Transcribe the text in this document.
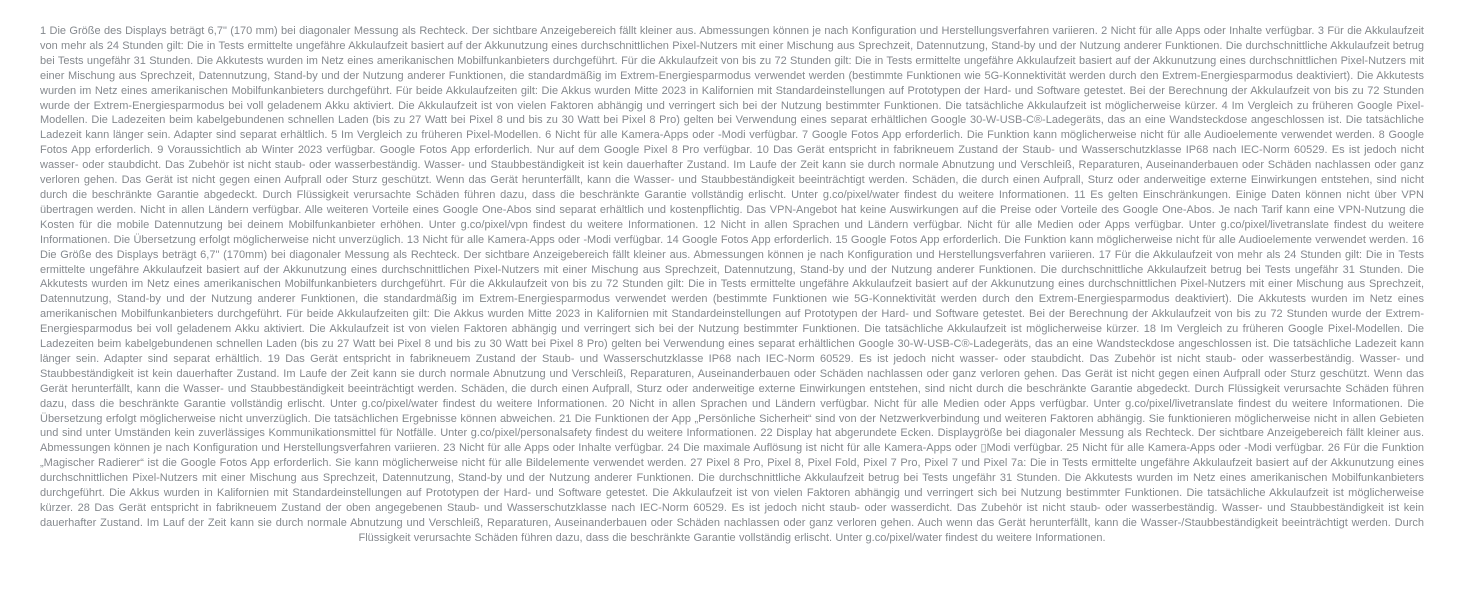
1 Die Größe des Displays beträgt 6,7" (170 mm) bei diagonaler Messung als Rechteck. Der sichtbare Anzeigebereich fällt kleiner aus. Abmessungen können je nach Konfiguration und Herstellungsverfahren variieren. 2 Nicht für alle Apps oder Inhalte verfügbar. 3 Für die Akkulaufzeit von mehr als 24 Stunden gilt: Die in Tests ermittelte ungefähre Akkulaufzeit basiert auf der Akkunutzung eines durchschnittlichen Pixel-Nutzers mit einer Mischung aus Sprechzeit, Datennutzung, Stand-by und der Nutzung anderer Funktionen. Die durchschnittliche Akkulaufzeit betrug bei Tests ungefähr 31 Stunden. Die Akkutests wurden im Netz eines amerikanischen Mobilfunkanbieters durchgeführt. Für die Akkulaufzeit von bis zu 72 Stunden gilt: Die in Tests ermittelte ungefähre Akkulaufzeit basiert auf der Akkunutzung eines durchschnittlichen Pixel-Nutzers mit einer Mischung aus Sprechzeit, Datennutzung, Stand-by und der Nutzung anderer Funktionen, die standardmäßig im Extrem-Energiesparmodus verwendet werden (bestimmte Funktionen wie 5G-Konnektivität werden durch den Extrem-Energiesparmodus deaktiviert). Die Akkutests wurden im Netz eines amerikanischen Mobilfunkanbieters durchgeführt. Für beide Akkulaufzeiten gilt: Die Akkus wurden Mitte 2023 in Kalifornien mit Standardeinstellungen auf Prototypen der Hard- und Software getestet. Bei der Berechnung der Akkulaufzeit von bis zu 72 Stunden wurde der Extrem-Energiesparmodus bei voll geladenem Akku aktiviert. Die Akkulaufzeit ist von vielen Faktoren abhängig und verringert sich bei der Nutzung bestimmter Funktionen. Die tatsächliche Akkulaufzeit ist möglicherweise kürzer. 4 Im Vergleich zu früheren Google Pixel-Modellen. Die Ladezeiten beim kabelgebundenen schnellen Laden (bis zu 27 Watt bei Pixel 8 und bis zu 30 Watt bei Pixel 8 Pro) gelten bei Verwendung eines separat erhältlichen Google 30-W-USB-C®-Ladegeräts, das an eine Wandsteckdose angeschlossen ist. Die tatsächliche Ladezeit kann länger sein. Adapter sind separat erhältlich. 5 Im Vergleich zu früheren Pixel-Modellen. 6 Nicht für alle Kamera-Apps oder -Modi verfügbar. 7 Google Fotos App erforderlich. Die Funktion kann möglicherweise nicht für alle Audioelemente verwendet werden. 8 Google Fotos App erforderlich. 9 Voraussichtlich ab Winter 2023 verfügbar. Google Fotos App erforderlich. Nur auf dem Google Pixel 8 Pro verfügbar. 10 Das Gerät entspricht in fabrikneuem Zustand der Staub- und Wasserschutzklasse IP68 nach IEC-Norm 60529. Es ist jedoch nicht wasser- oder staubdicht. Das Zubehör ist nicht staub- oder wasserbeständig. Wasser- und Staubbeständigkeit ist kein dauerhafter Zustand. Im Laufe der Zeit kann sie durch normale Abnutzung und Verschleiß, Reparaturen, Auseinanderbauen oder Schäden nachlassen oder ganz verloren gehen. Das Gerät ist nicht gegen einen Aufprall oder Sturz geschützt. Wenn das Gerät herunterfällt, kann die Wasser- und Staubbeständigkeit beeinträchtigt werden. Schäden, die durch einen Aufprall, Sturz oder anderweitige externe Einwirkungen entstehen, sind nicht durch die beschränkte Garantie abgedeckt. Durch Flüssigkeit verursachte Schäden führen dazu, dass die beschränkte Garantie vollständig erlischt. Unter g.co/pixel/water findest du weitere Informationen. 11 Es gelten Einschränkungen. Einige Daten können nicht über VPN übertragen werden. Nicht in allen Ländern verfügbar. Alle weiteren Vorteile eines Google One-Abos sind separat erhältlich und kostenpflichtig. Das VPN-Angebot hat keine Auswirkungen auf die Preise oder Vorteile des Google One-Abos. Je nach Tarif kann eine VPN-Nutzung die Kosten für die mobile Datennutzung bei deinem Mobilfunkanbieter erhöhen. Unter g.co/pixel/vpn findest du weitere Informationen. 12 Nicht in allen Sprachen und Ländern verfügbar. Nicht für alle Medien oder Apps verfügbar. Unter g.co/pixel/livetranslate findest du weitere Informationen. Die Übersetzung erfolgt möglicherweise nicht unverzüglich. 13 Nicht für alle Kamera-Apps oder -Modi verfügbar. 14 Google Fotos App erforderlich. 15 Google Fotos App erforderlich. Die Funktion kann möglicherweise nicht für alle Audioelemente verwendet werden. 16 Die Größe des Displays beträgt 6,7" (170mm) bei diagonaler Messung als Rechteck. Der sichtbare Anzeigebereich fällt kleiner aus. Abmessungen können je nach Konfiguration und Herstellungsverfahren variieren. 17 Für die Akkulaufzeit von mehr als 24 Stunden gilt: Die in Tests ermittelte ungefähre Akkulaufzeit basiert auf der Akkunutzung eines durchschnittlichen Pixel-Nutzers mit einer Mischung aus Sprechzeit, Datennutzung, Stand-by und der Nutzung anderer Funktionen. Die durchschnittliche Akkulaufzeit betrug bei Tests ungefähr 31 Stunden. Die Akkutests wurden im Netz eines amerikanischen Mobilfunkanbieters durchgeführt. Für die Akkulaufzeit von bis zu 72 Stunden gilt: Die in Tests ermittelte ungefähre Akkulaufzeit basiert auf der Akkunutzung eines durchschnittlichen Pixel-Nutzers mit einer Mischung aus Sprechzeit, Datennutzung, Stand-by und der Nutzung anderer Funktionen, die standardmäßig im Extrem-Energiesparmodus verwendet werden (bestimmte Funktionen wie 5G-Konnektivität werden durch den Extrem-Energiesparmodus deaktiviert). Die Akkutests wurden im Netz eines amerikanischen Mobilfunkanbieters durchgeführt. Für beide Akkulaufzeiten gilt: Die Akkus wurden Mitte 2023 in Kalifornien mit Standardeinstellungen auf Prototypen der Hard- und Software getestet. Bei der Berechnung der Akkulaufzeit von bis zu 72 Stunden wurde der Extrem-Energiesparmodus bei voll geladenem Akku aktiviert. Die Akkulaufzeit ist von vielen Faktoren abhängig und verringert sich bei der Nutzung bestimmter Funktionen. Die tatsächliche Akkulaufzeit ist möglicherweise kürzer. 18 Im Vergleich zu früheren Google Pixel-Modellen. Die Ladezeiten beim kabelgebundenen schnellen Laden (bis zu 27 Watt bei Pixel 8 und bis zu 30 Watt bei Pixel 8 Pro) gelten bei Verwendung eines separat erhältlichen Google 30-W-USB-C®-Ladegeräts, das an eine Wandsteckdose angeschlossen ist. Die tatsächliche Ladezeit kann länger sein. Adapter sind separat erhältlich. 19 Das Gerät entspricht in fabrikneuem Zustand der Staub- und Wasserschutzklasse IP68 nach IEC-Norm 60529. Es ist jedoch nicht wasser- oder staubdicht. Das Zubehör ist nicht staub- oder wasserbeständig. Wasser- und Staubbeständigkeit ist kein dauerhafter Zustand. Im Laufe der Zeit kann sie durch normale Abnutzung und Verschleiß, Reparaturen, Auseinanderbauen oder Schäden nachlassen oder ganz verloren gehen. Das Gerät ist nicht gegen einen Aufprall oder Sturz geschützt. Wenn das Gerät herunterfällt, kann die Wasser- und Staubbeständigkeit beeinträchtigt werden. Schäden, die durch einen Aufprall, Sturz oder anderweitige externe Einwirkungen entstehen, sind nicht durch die beschränkte Garantie abgedeckt. Durch Flüssigkeit verursachte Schäden führen dazu, dass die beschränkte Garantie vollständig erlischt. Unter g.co/pixel/water findest du weitere Informationen. 20 Nicht in allen Sprachen und Ländern verfügbar. Nicht für alle Medien oder Apps verfügbar. Unter g.co/pixel/livetranslate findest du weitere Informationen. Die Übersetzung erfolgt möglicherweise nicht unverzüglich. Die tatsächlichen Ergebnisse können abweichen. 21 Die Funktionen der App „Persönliche Sicherheit“ sind von der Netzwerkverbindung und weiteren Faktoren abhängig. Sie funktionieren möglicherweise nicht in allen Gebieten und sind unter Umständen kein zuverlässiges Kommunikationsmittel für Notfälle. Unter g.co/pixel/personalsafety findest du weitere Informationen. 22 Display hat abgerundete Ecken. Displaygröße bei diagonaler Messung als Rechteck. Der sichtbare Anzeigebereich fällt kleiner aus. Abmessungen können je nach Konfiguration und Herstellungsverfahren variieren. 23 Nicht für alle Apps oder Inhalte verfügbar. 24 Die maximale Auflösung ist nicht für alle Kamera-Apps oder ▯Modi verfügbar. 25 Nicht für alle Kamera-Apps oder -Modi verfügbar. 26 Für die Funktion „Magischer Radierer“ ist die Google Fotos App erforderlich. Sie kann möglicherweise nicht für alle Bildelemente verwendet werden. 27 Pixel 8 Pro, Pixel 8, Pixel Fold, Pixel 7 Pro, Pixel 7 und Pixel 7a: Die in Tests ermittelte ungefähre Akkulaufzeit basiert auf der Akkunutzung eines durchschnittlichen Pixel-Nutzers mit einer Mischung aus Sprechzeit, Datennutzung, Stand-by und der Nutzung anderer Funktionen. Die durchschnittliche Akkulaufzeit betrug bei Tests ungefähr 31 Stunden. Die Akkutests wurden im Netz eines amerikanischen Mobilfunkanbieters durchgeführt. Die Akkus wurden in Kalifornien mit Standardeinstellungen auf Prototypen der Hard- und Software getestet. Die Akkulaufzeit ist von vielen Faktoren abhängig und verringert sich bei Nutzung bestimmter Funktionen. Die tatsächliche Akkulaufzeit ist möglicherweise kürzer. 28 Das Gerät entspricht in fabrikneuem Zustand der oben angegebenen Staub- und Wasserschutzklasse nach IEC-Norm 60529. Es ist jedoch nicht staub- oder wasserdicht. Das Zubehör ist nicht staub- oder wasserbeständig. Wasser- und Staubbeständigkeit ist kein dauerhafter Zustand. Im Lauf der Zeit kann sie durch normale Abnutzung und Verschleiß, Reparaturen, Auseinanderbauen oder Schäden nachlassen oder ganz verloren gehen. Auch wenn das Gerät herunterfällt, kann die Wasser-/Staubbeständigkeit beeinträchtigt werden. Durch Flüssigkeit verursachte Schäden führen dazu, dass die beschränkte Garantie vollständig erlischt. Unter g.co/pixel/water findest du weitere Informationen.
